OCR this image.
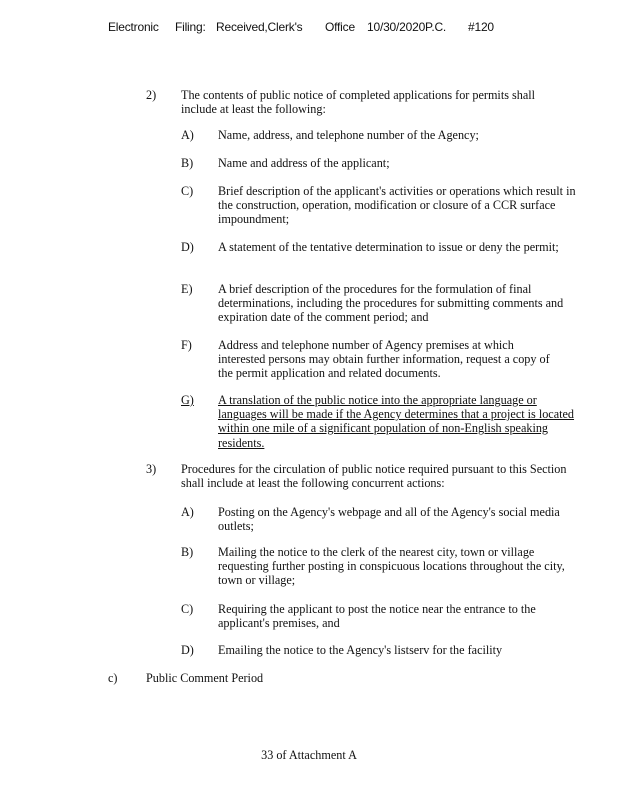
Electronic Filing: Received,Clerk's Office 10/30/2020P.C. #120
2) The contents of public notice of completed applications for permits shall include at least the following:
A) Name, address, and telephone number of the Agency;
B) Name and address of the applicant;
C) Brief description of the applicant's activities or operations which result in the construction, operation, modification or closure of a CCR surface impoundment;
D) A statement of the tentative determination to issue or deny the permit;
E) A brief description of the procedures for the formulation of final determinations, including the procedures for submitting comments and expiration date of the comment period; and
F) Address and telephone number of Agency premises at which interested persons may obtain further information, request a copy of the permit application and related documents.
G)	A translation of the public notice into the appropriate language or languages will be made if the Agency determines that a project is located within one mile of a significant population of non-English speaking residents.
3) Procedures for the circulation of public notice required pursuant to this Section shall include at least the following concurrent actions:
A) Posting on the Agency's webpage and all of the Agency's social media outlets;
B) Mailing the notice to the clerk of the nearest city, town or village requesting further posting in conspicuous locations throughout the city, town or village;
C) Requiring the applicant to post the notice near the entrance to the applicant's premises, and
D) Emailing the notice to the Agency's listserv for the facility
c) Public Comment Period
33 of Attachment A
